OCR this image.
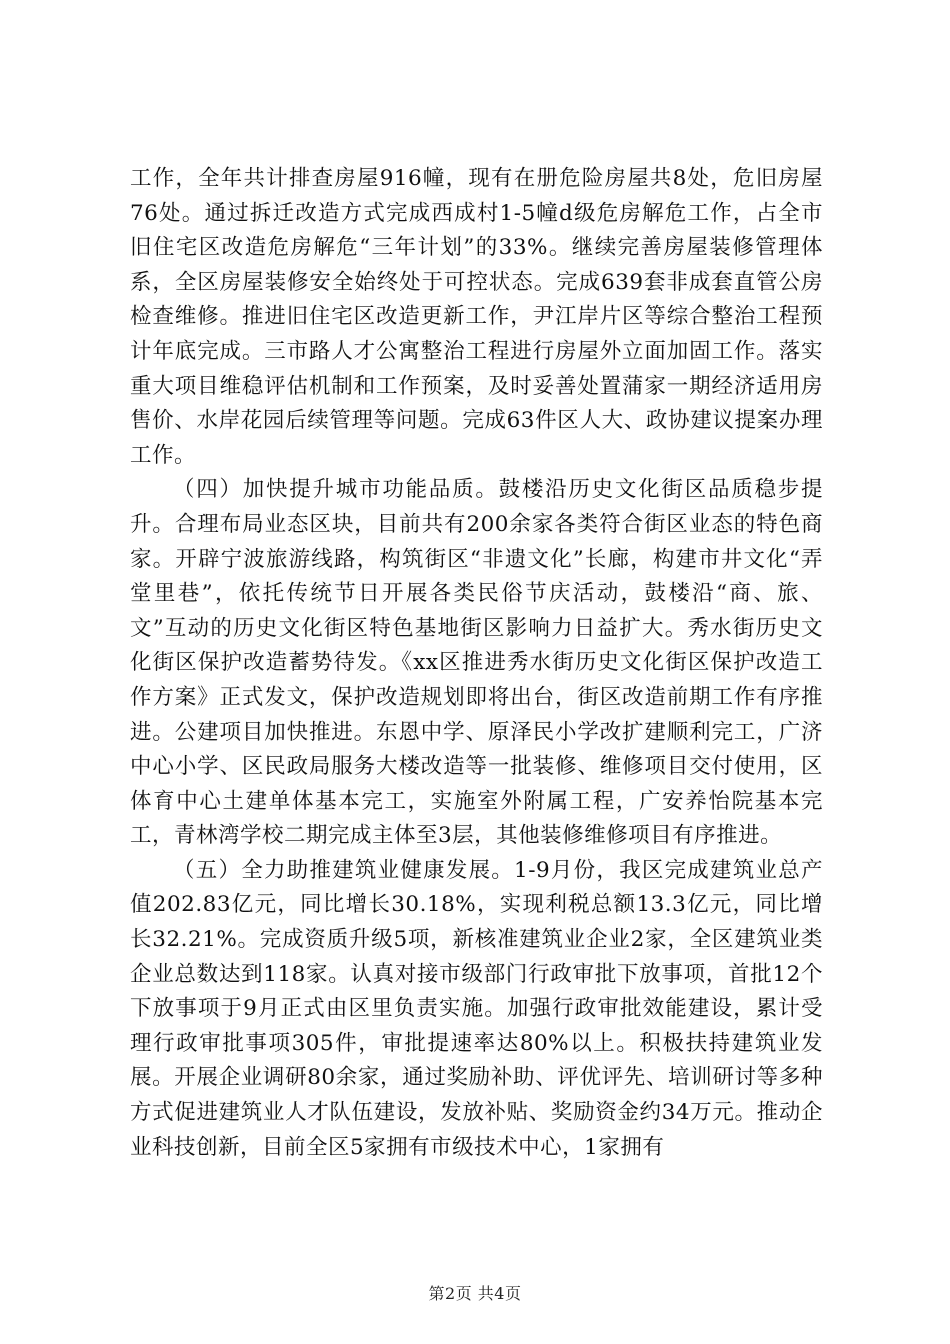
工作，全年共计排查房屋916幢，现有在册危险房屋共8处，危旧房屋76处。通过拆迁改造方式完成西成村1-5幢d级危房解危工作，占全市旧住宅区改造危房解危“三年计划”的33%。继续完善房屋装修管理体系，全区房屋装修安全始终处于可控状态。完成639套非成套直管公房检查维修。推进旧住宅区改造更新工作，尹江岸片区等综合整治工程预计年底完成。三市路人才公寓整治工程进行房屋外立面加固工作。落实重大项目维稳评估机制和工作预案，及时妥善处置蒲家一期经济适用房售价、水岸花园后续管理等问题。完成63件区人大、政协建议提案办理工作。

（四）加快提升城市功能品质。鼓楼沿历史文化街区品质稳步提升。合理布局业态区块，目前共有200余家各类符合街区业态的特色商家。开辟宁波旅游线路，构筑街区“非遗文化”长廊，构建市井文化“弄堂里巷”，依托传统节日开展各类民俗节庆活动，鼓楼沿“商、旅、文”互动的历史文化街区特色基地街区影响力日益扩大。秀水街历史文化街区保护改造蓄势待发。《xx区推进秀水街历史文化街区保护改造工作方案》正式发文，保护改造规划即将出台，街区改造前期工作有序推进。公建项目加快推进。东恩中学、原泽民小学改扩建顺利完工，广济中心小学、区民政局服务大楼改造等一批装修、维修项目交付使用，区体育中心土建单体基本完工，实施室外附属工程，广安养怡院基本完工，青林湾学校二期完成主体至3层，其他装修维修项目有序推进。

（五）全力助推建筑业健康发展。1-9月份，我区完成建筑业总产值202.83亿元，同比增长30.18%，实现利税总额13.3亿元，同比增长32.21%。完成资质升级5项，新核准建筑业企业2家，全区建筑业类企业总数达到118家。认真对接市级部门行政审批下放事项，首批12个下放事项于9月正式由区里负责实施。加强行政审批效能建设，累计受理行政审批事项305件，审批提速率达80%以上。积极扶持建筑业发展。开展企业调研80余家，通过奖励补助、评优评先、培训研讨等多种方式促进建筑业人才队伍建设，发放补贴、奖励资金约34万元。推动企业科技创新，目前全区5家拥有市级技术中心，1家拥有

第2页 共4页
